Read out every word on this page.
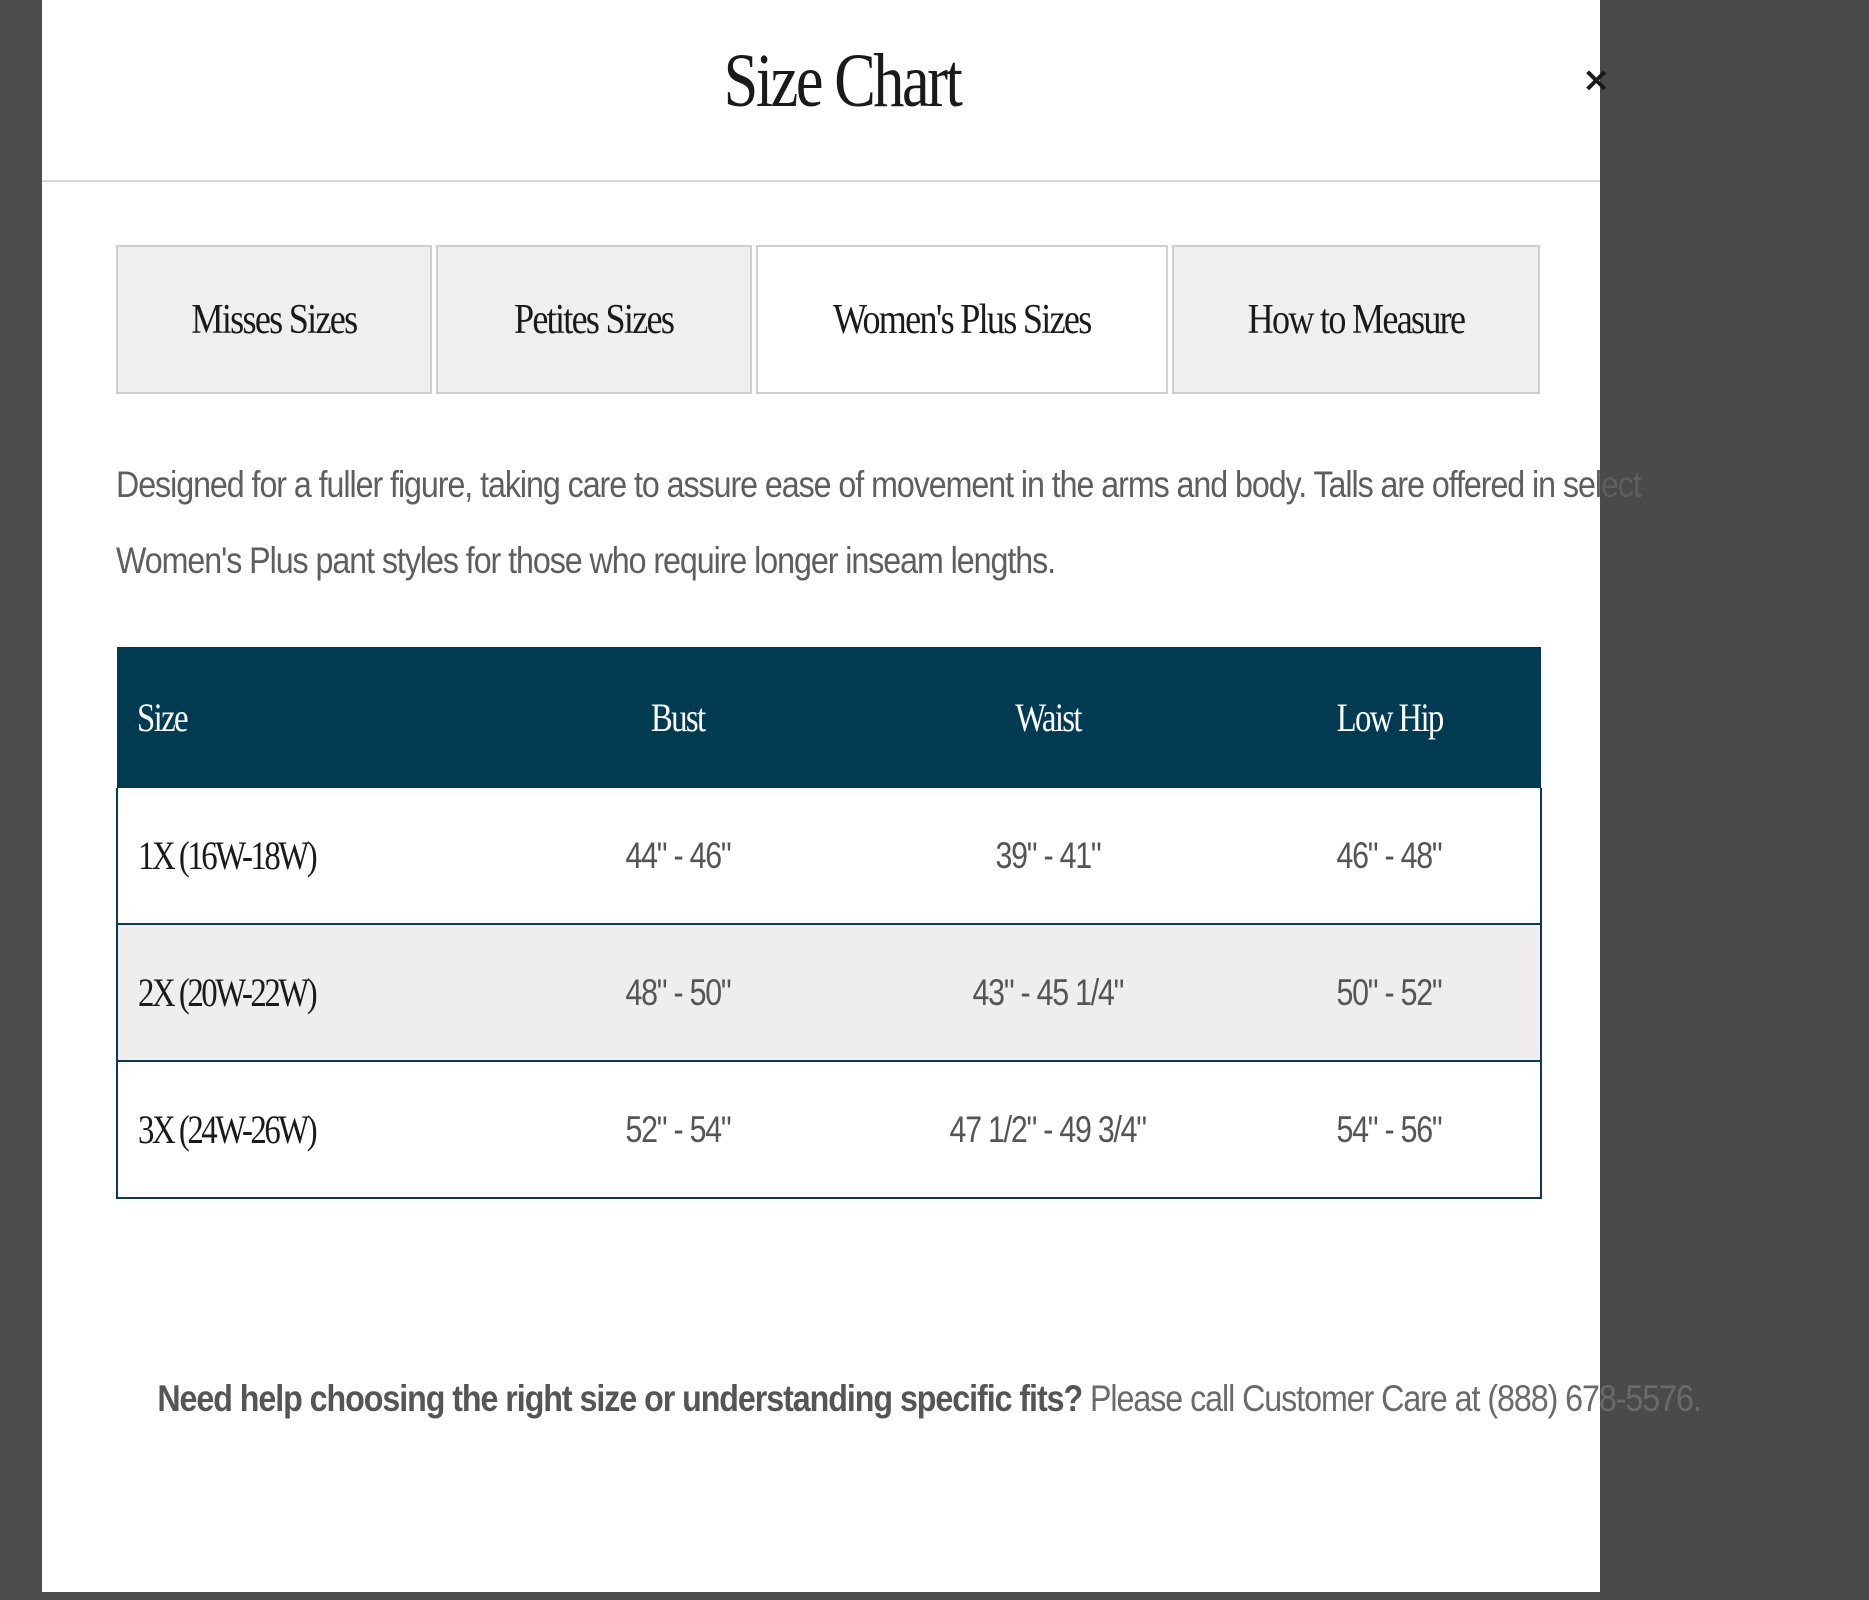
Size Chart	×
Misses Sizes	Petites Sizes	Women's Plus Sizes	How to Measure

Designed for a fuller figure, taking care to assure ease of movement in the arms and body. Talls are offered in select
Women's Plus pant styles for those who require longer inseam lengths.

Size	Bust	Waist	Low Hip
1X (16W-18W)	44" - 46"	39" - 41"	46" - 48"
2X (20W-22W)	48" - 50"	43" - 45 1/4"	50" - 52"
3X (24W-26W)	52" - 54"	47 1/2" - 49 3/4"	54" - 56"

Need help choosing the right size or understanding specific fits? Please call Customer Care at (888) 678-5576.
